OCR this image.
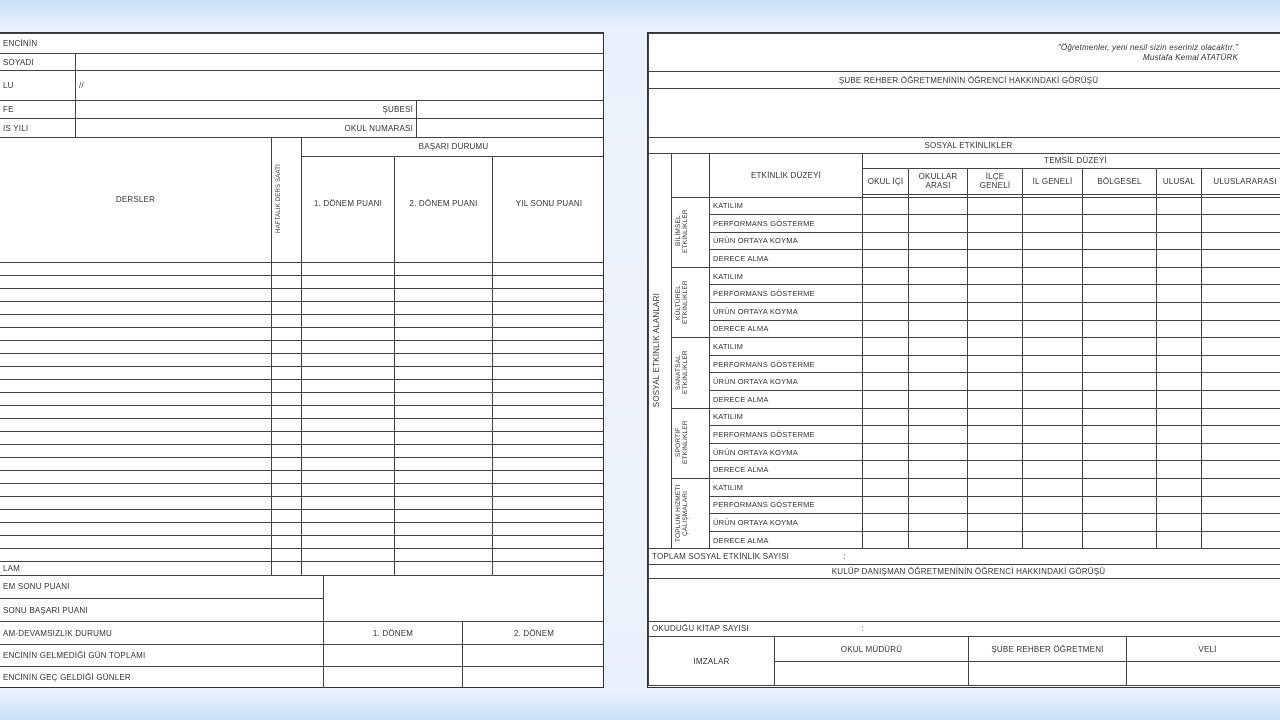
ENCİNİN		
SOYADI		
LU	//	
FE	ŞUBESİ	
IS YILI	OKUL NUMARASI	
DERSLER	HAFTALIK DERS SAATİ	BAŞARI DURUMU		
		1. DÖNEM PUANI	2. DÖNEM PUANI	YIL SONU PUANI

LAM				
EM SONU PUANI		
SONU BAŞARI PUANI		
AM-DEVAMSIZLIK DURUMU	1. DÖNEM	2. DÖNEM
ENCİNİN GELMEDİĞİ GÜN TOPLAMI		
ENCİNİN GEÇ GELDİĞİ GÜNLER		
"Öğretmenler, yeni nesil sizin eseriniz olacaktır."
Mustafa Kemal ATATÜRK

ŞUBE REHBER ÖĞRETMENİNİN ÖĞRENCİ HAKKINDAKİ GÖRÜŞÜ

SOSYAL ETKİNLİKLER
SOSYAL ETKİNLİK ALANLARI		ETKİNLİK DÜZEYİ	TEMSİL DÜZEYİ						
			OKUL İÇİ	OKULLAR ARASI	İLÇE GENELİ	İL GENELİ	BÖLGESEL	ULUSAL	ULUSLARARASI

	BİLİMSEL ETKİNLİKLER	KATILIM							
		PERFORMANS GÖSTERME							
		ÜRÜN ORTAYA KOYMA							
		DERECE ALMA							
	KÜLTÜREL ETKİNLİKLER	KATILIM							
		PERFORMANS GÖSTERME							
		ÜRÜN ORTAYA KOYMA							
		DERECE ALMA							
	SANATSAL ETKİNLİKLER	KATILIM							
		PERFORMANS GÖSTERME							
		ÜRÜN ORTAYA KOYMA							
		DERECE ALMA							
	SPORTİF ETKİNLİKLER	KATILIM							
		PERFORMANS GÖSTERME							
		ÜRÜN ORTAYA KOYMA							
		DERECE ALMA							
	TOPLUM HİZMETİ ÇALIŞMALARI	KATILIM							
		PERFORMANS GÖSTERME							
		ÜRÜN ORTAYA KOYMA							
		DERECE ALMA							
TOPLAM SOSYAL ETKİNLİK SAYISI	:
KULÜP DANIŞMAN ÖĞRETMENİNİN ÖĞRENCİ HAKKINDAKİ GÖRÜŞÜ

OKUDUĞU KİTAP SAYISI	:
İMZALAR	OKUL MÜDÜRÜ	ŞUBE REHBER ÖĞRETMENİ	VELİ
